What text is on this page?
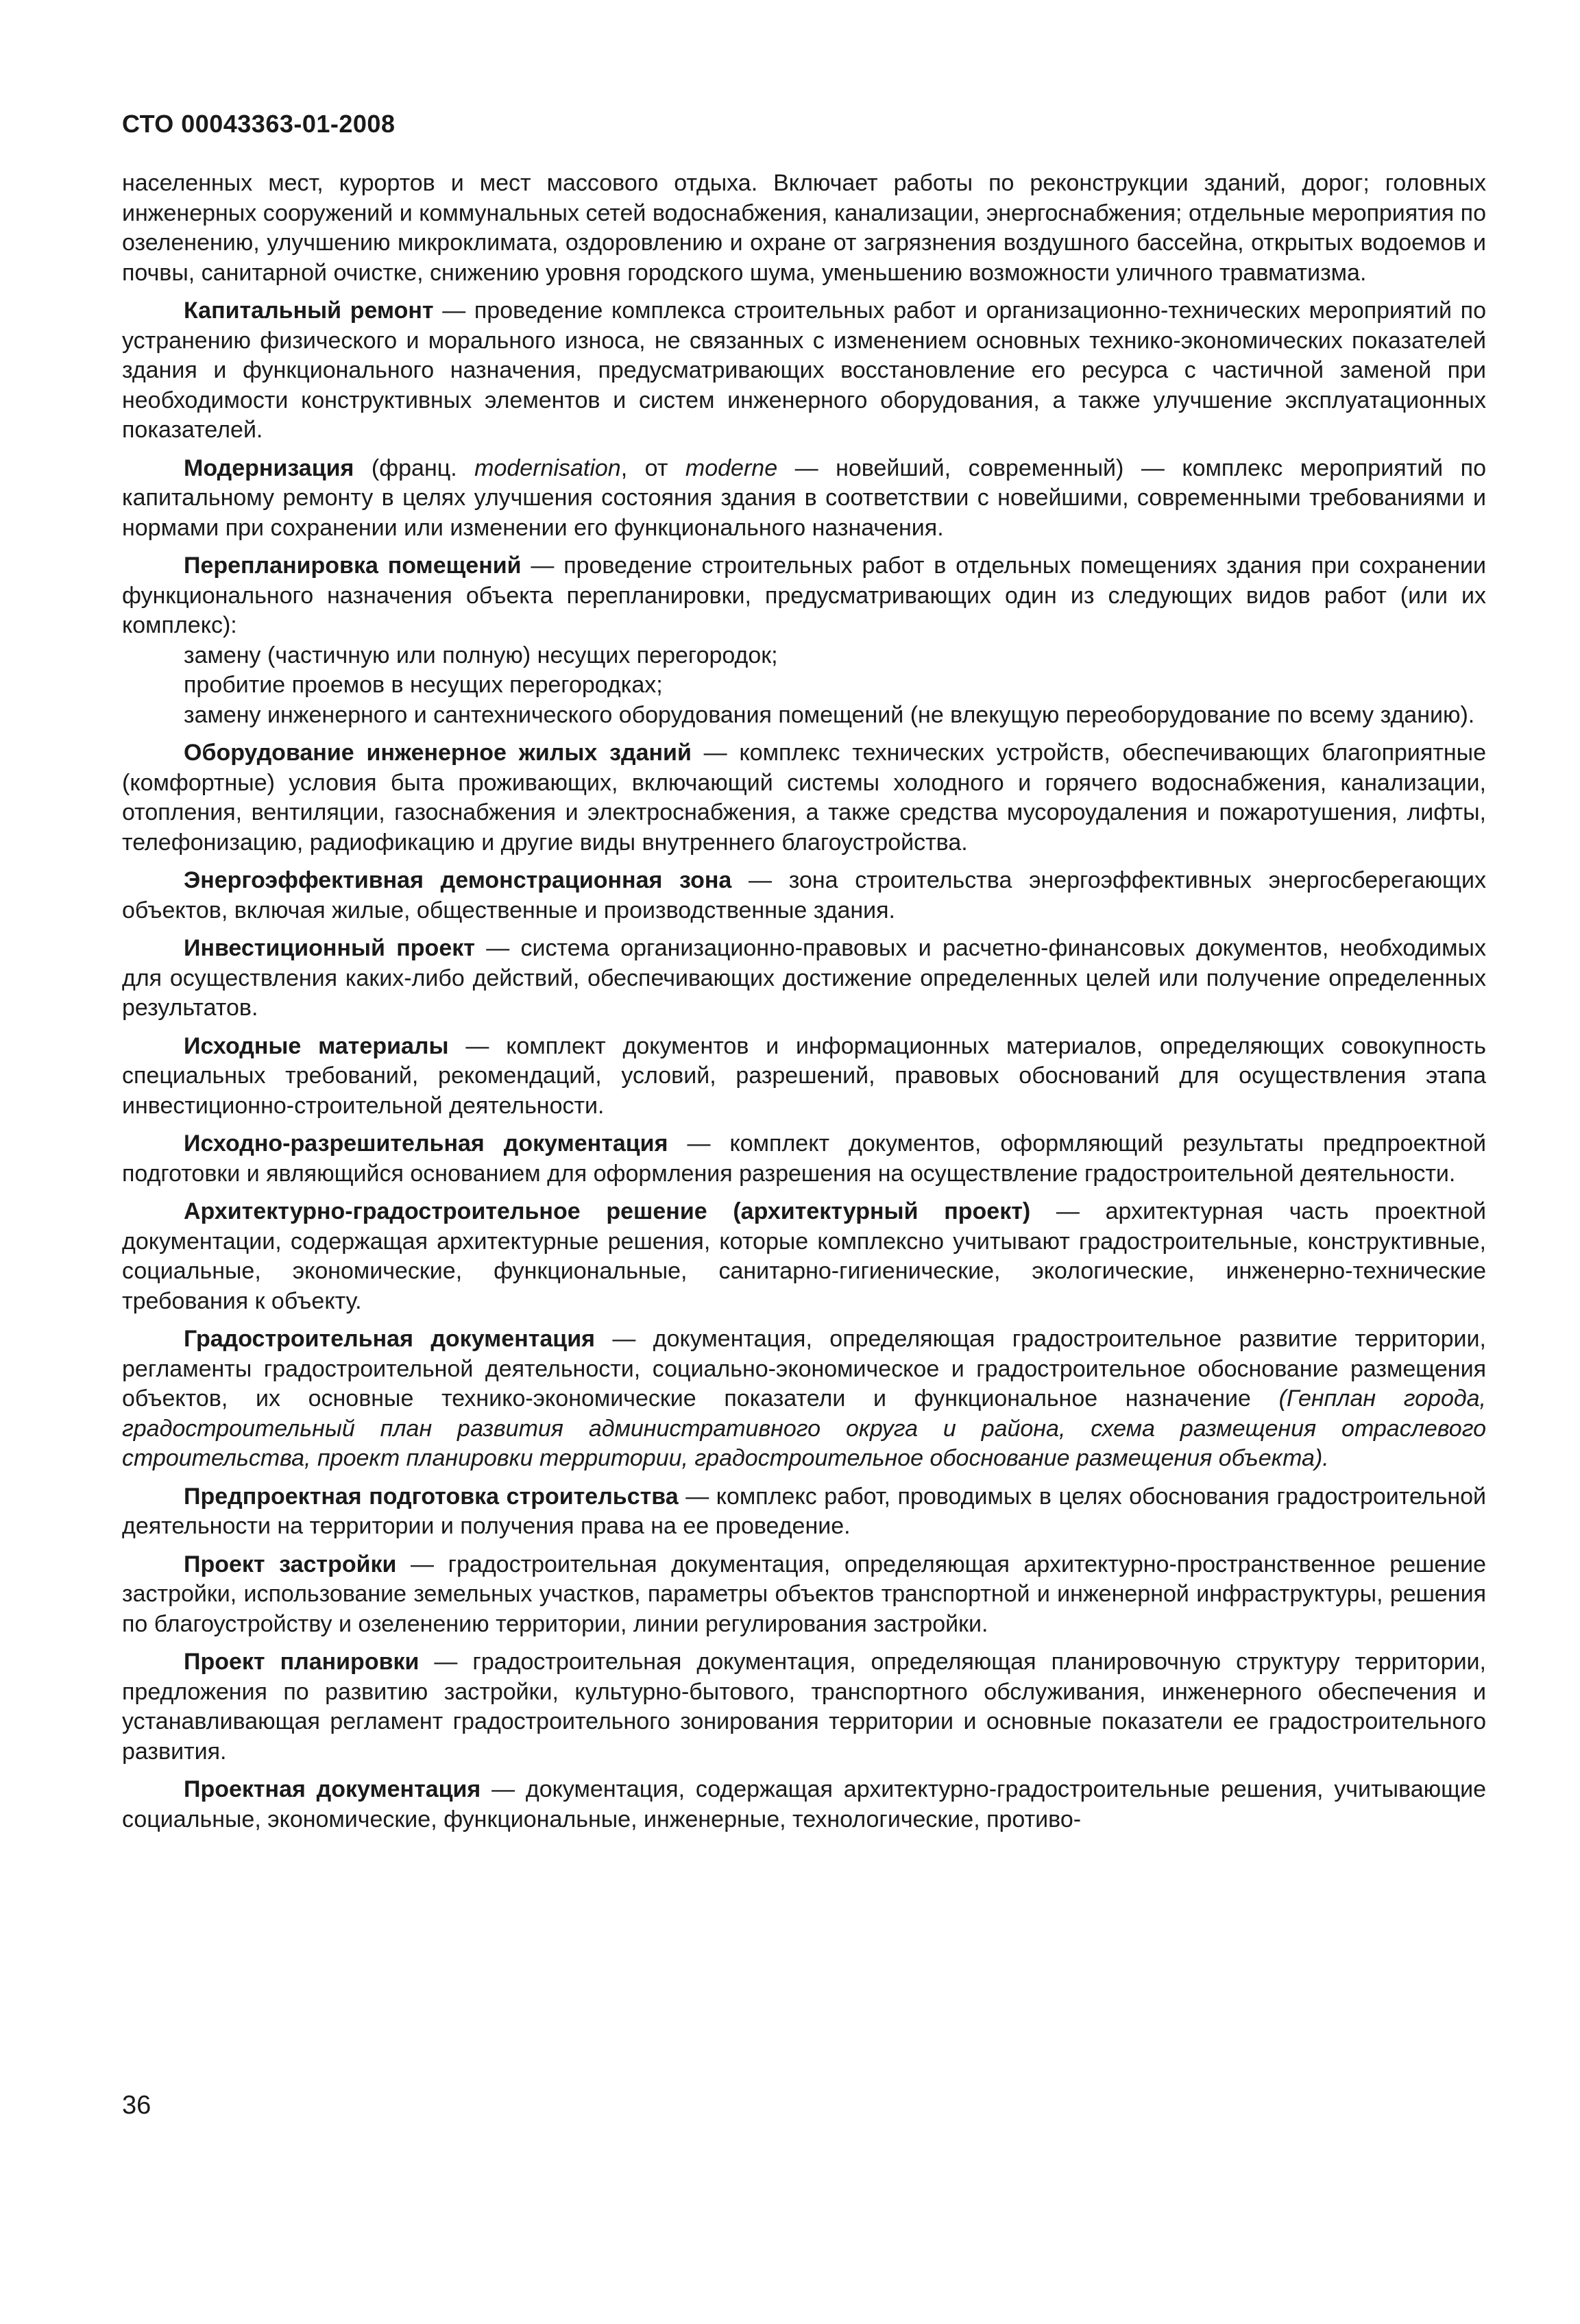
СТО 00043363-01-2008

населенных мест, курортов и мест массового отдыха. Включает работы по реконструкции зданий, дорог; головных инженерных сооружений и коммунальных сетей водоснабжения, канализации, энергоснабжения; отдельные мероприятия по озеленению, улучшению микроклимата, оздоровлению и охране от загрязнения воздушного бассейна, открытых водоемов и почвы, санитарной очистке, снижению уровня городского шума, уменьшению возможности уличного травматизма.

Капитальный ремонт — проведение комплекса строительных работ и организационно-технических мероприятий по устранению физического и морального износа, не связанных с изменением основных технико-экономических показателей здания и функционального назначения, предусматривающих восстановление его ресурса с частичной заменой при необходимости конструктивных элементов и систем инженерного оборудования, а также улучшение эксплуатационных показателей.

Модернизация (франц. modernisation, от moderne — новейший, современный) — комплекс мероприятий по капитальному ремонту в целях улучшения состояния здания в соответствии с новейшими, современными требованиями и нормами при сохранении или изменении его функционального назначения.

Перепланировка помещений — проведение строительных работ в отдельных помещениях здания при сохранении функционального назначения объекта перепланировки, предусматривающих один из следующих видов работ (или их комплекс):

замену (частичную или полную) несущих перегородок;

пробитие проемов в несущих перегородках;

замену инженерного и сантехнического оборудования помещений (не влекущую переоборудование по всему зданию).

Оборудование инженерное жилых зданий — комплекс технических устройств, обеспечивающих благоприятные (комфортные) условия быта проживающих, включающий системы холодного и горячего водоснабжения, канализации, отопления, вентиляции, газоснабжения и электроснабжения, а также средства мусороудаления и пожаротушения, лифты, телефонизацию, радиофикацию и другие виды внутреннего благоустройства.

Энергоэффективная демонстрационная зона — зона строительства энергоэффективных энергосберегающих объектов, включая жилые, общественные и производственные здания.

Инвестиционный проект — система организационно-правовых и расчетно-финансовых документов, необходимых для осуществления каких-либо действий, обеспечивающих достижение определенных целей или получение определенных результатов.

Исходные материалы — комплект документов и информационных материалов, определяющих совокупность специальных требований, рекомендаций, условий, разрешений, правовых обоснований для осуществления этапа инвестиционно-строительной деятельности.

Исходно-разрешительная документация — комплект документов, оформляющий результаты предпроектной подготовки и являющийся основанием для оформления разрешения на осуществление градостроительной деятельности.

Архитектурно-градостроительное решение (архитектурный проект) — архитектурная часть проектной документации, содержащая архитектурные решения, которые комплексно учитывают градостроительные, конструктивные, социальные, экономические, функциональные, санитарно-гигиенические, экологические, инженерно-технические требования к объекту.

Градостроительная документация — документация, определяющая градостроительное развитие территории, регламенты градостроительной деятельности, социально-экономическое и градостроительное обоснование размещения объектов, их основные технико-экономические показатели и функциональное назначение (Генплан города, градостроительный план развития административного округа и района, схема размещения отраслевого строительства, проект планировки территории, градостроительное обоснование размещения объекта).

Предпроектная подготовка строительства — комплекс работ, проводимых в целях обоснования градостроительной деятельности на территории и получения права на ее проведение.

Проект застройки — градостроительная документация, определяющая архитектурно-пространственное решение застройки, использование земельных участков, параметры объектов транспортной и инженерной инфраструктуры, решения по благоустройству и озеленению территории, линии регулирования застройки.

Проект планировки — градостроительная документация, определяющая планировочную структуру территории, предложения по развитию застройки, культурно-бытового, транспортного обслуживания, инженерного обеспечения и устанавливающая регламент градостроительного зонирования территории и основные показатели ее градостроительного развития.

Проектная документация — документация, содержащая архитектурно-градостроительные решения, учитывающие социальные, экономические, функциональные, инженерные, технологические, противо-

36
